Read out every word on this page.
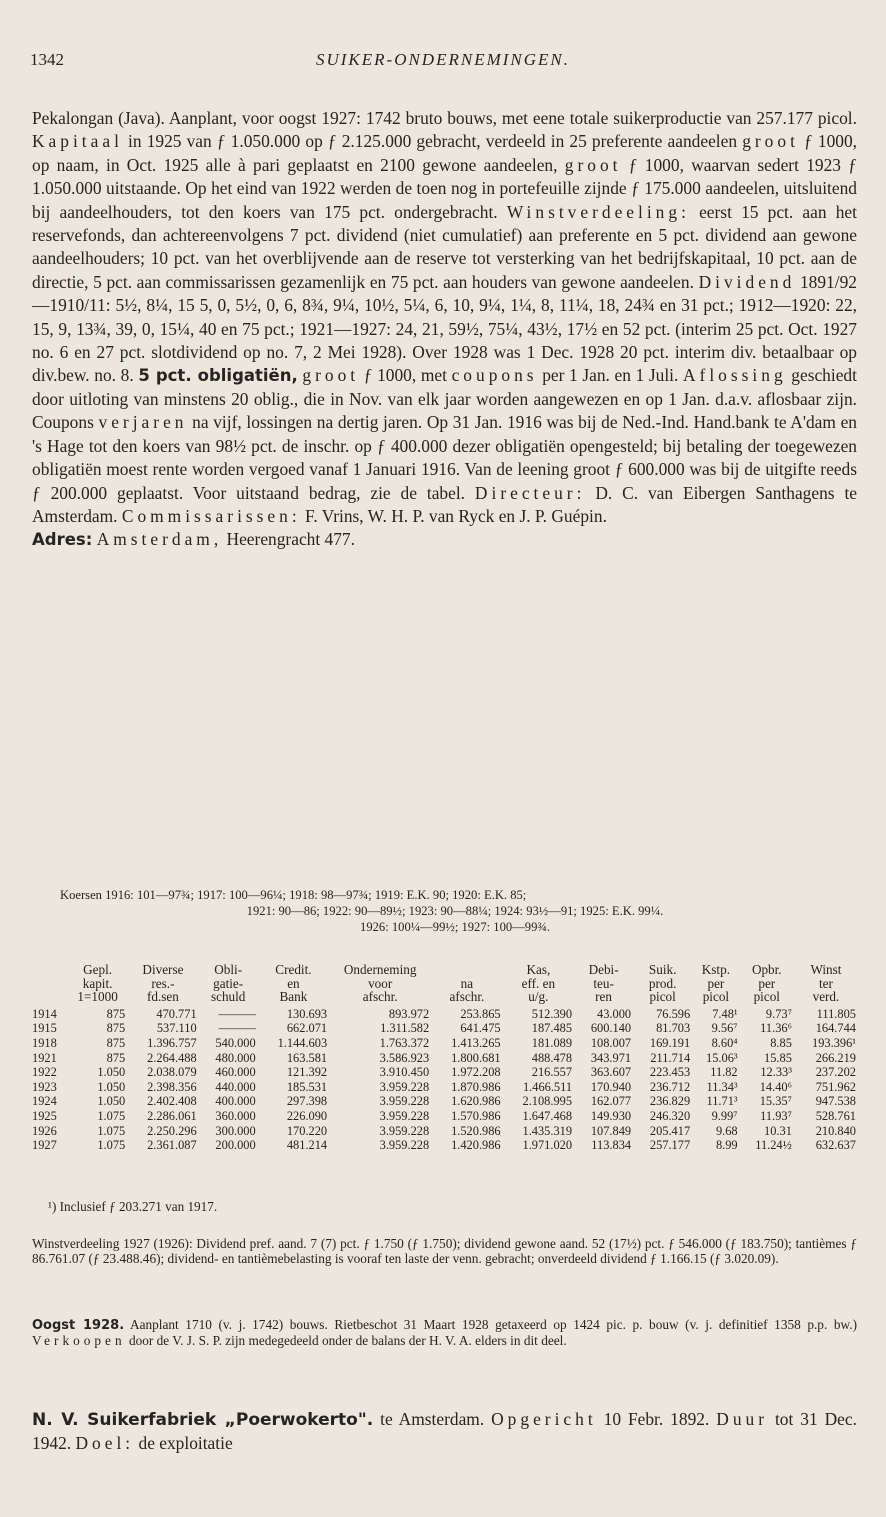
1342	SUIKER-ONDERNEMINGEN.

Pekalongan (Java). Aanplant, voor oogst 1927: 1742 bruto bouws, met eene totale suikerproductie van 257.177 picol. Kapitaal in 1925 van ƒ 1.050.000 op ƒ 2.125.000 gebracht, verdeeld in 25 preferente aandeelen groot ƒ 1000, op naam, in Oct. 1925 alle à pari geplaatst en 2100 gewone aandeelen, groot ƒ 1000, waarvan sedert 1923 ƒ 1.050.000 uitstaande. Op het eind van 1922 werden de toen nog in portefeuille zijnde ƒ 175.000 aandeelen, uitsluitend bij aandeelhouders, tot den koers van 175 pct. ondergebracht. Winstverdeeling: eerst 15 pct. aan het reservefonds, dan achtereenvolgens 7 pct. dividend (niet cumulatief) aan preferente en 5 pct. dividend aan gewone aandeelhouders; 10 pct. van het overblijvende aan de reserve tot versterking van het bedrijfskapitaal, 10 pct. aan de directie, 5 pct. aan commissarissen gezamenlijk en 75 pct. aan houders van gewone aandeelen. Dividend 1891/92—1910/11: 5½, 8¼, 15 5, 0, 5½, 0, 6, 8¾, 9¼, 10½, 5¼, 6, 10, 9¼, 1¼, 8, 11¼, 18, 24¾ en 31 pct.; 1912—1920: 22, 15, 9, 13¾, 39, 0, 15¼, 40 en 75 pct.; 1921—1927: 24, 21, 59½, 75¼, 43½, 17½ en 52 pct. (interim 25 pct. Oct. 1927 no. 6 en 27 pct. slotdividend op no. 7, 2 Mei 1928). Over 1928 was 1 Dec. 1928 20 pct. interim div. betaalbaar op div.bew. no. 8. 5 pct. obligatiën, groot ƒ 1000, met coupons per 1 Jan. en 1 Juli. Aflossing geschiedt door uitloting van minstens 20 oblig., die in Nov. van elk jaar worden aangewezen en op 1 Jan. d.a.v. aflosbaar zijn. Coupons verjaren na vijf, lossingen na dertig jaren. Op 31 Jan. 1916 was bij de Ned.-Ind. Hand.bank te A'dam en 's Hage tot den koers van 98½ pct. de inschr. op ƒ 400.000 dezer obligatiën opengesteld; bij betaling der toegewezen obligatiën moest rente worden vergoed vanaf 1 Januari 1916. Van de leening groot ƒ 600.000 was bij de uitgifte reeds ƒ 200.000 geplaatst. Voor uitstaand bedrag, zie de tabel. Directeur: D. C. van Eibergen Santhagens te Amsterdam. Commissarissen: F. Vrins, W. H. P. van Ryck en J. P. Guépin.
Adres: Amsterdam, Heerengracht 477.

Koersen 1916: 101—97¾; 1917: 100—96¼; 1918: 98—97¾; 1919: E.K. 90; 1920: E.K. 85;
1921: 90—86; 1922: 90—89½; 1923: 90—88¼; 1924: 93½—91; 1925: E.K. 99¼.
1926: 100¼—99½; 1927: 100—99¾.
	Gepl.	Diverse	Obli-	Credit.	Onderneming		Kas,	Debi-	Suik.	Kstp.	Opbr.	Winst
	kapit.	res.-	gatie-	en	voor	na	eff. en	teu-	prod.	per	per	ter
	1=1000	fd.sen	schuld	Bank	afschr.	afschr.	u/g.	ren	picol	picol	picol	verd.
1914	875	470.771	———	130.693	893.972	253.865	512.390	43.000	76.596	7.48¹	9.73⁷	111.805
1915	875	537.110	———	662.071	1.311.582	641.475	187.485	600.140	81.703	9.56⁷	11.36⁶	164.744
1918	875	1.396.757	540.000	1.144.603	1.763.372	1.413.265	181.089	108.007	169.191	8.60⁴	8.85	193.396¹
1921	875	2.264.488	480.000	163.581	3.586.923	1.800.681	488.478	343.971	211.714	15.06³	15.85	266.219
1922	1.050	2.038.079	460.000	121.392	3.910.450	1.972.208	216.557	363.607	223.453	11.82	12.33³	237.202
1923	1.050	2.398.356	440.000	185.531	3.959.228	1.870.986	1.466.511	170.940	236.712	11.34³	14.40⁶	751.962
1924	1.050	2.402.408	400.000	297.398	3.959.228	1.620.986	2.108.995	162.077	236.829	11.71³	15.35⁷	947.538
1925	1.075	2.286.061	360.000	226.090	3.959.228	1.570.986	1.647.468	149.930	246.320	9.99⁷	11.93⁷	528.761
1926	1.075	2.250.296	300.000	170.220	3.959.228	1.520.986	1.435.319	107.849	205.417	9.68	10.31	210.840
1927	1.075	2.361.087	200.000	481.214	3.959.228	1.420.986	1.971.020	113.834	257.177	8.99	11.24½	632.637
¹) Inclusief ƒ 203.271 van 1917.
Winstverdeeling 1927 (1926): Dividend pref. aand. 7 (7) pct. ƒ 1.750 (ƒ 1.750); dividend gewone aand. 52 (17½) pct. ƒ 546.000 (ƒ 183.750); tantièmes ƒ 86.761.07 (ƒ 23.488.46); dividend- en tantièmebelasting is vooraf ten laste der venn. gebracht; onverdeeld dividend ƒ 1.166.15 (ƒ 3.020.09).
Oogst 1928. Aanplant 1710 (v. j. 1742) bouws. Rietbeschot 31 Maart 1928 getaxeerd op 1424 pic. p. bouw (v. j. definitief 1358 p.p. bw.) Verkoopen door de V. J. S. P. zijn medegedeeld onder de balans der H. V. A. elders in dit deel.
N. V. Suikerfabriek „Poerwokerto". te Amsterdam. Opgericht 10 Febr. 1892. Duur tot 31 Dec. 1942. Doel: de exploitatie
